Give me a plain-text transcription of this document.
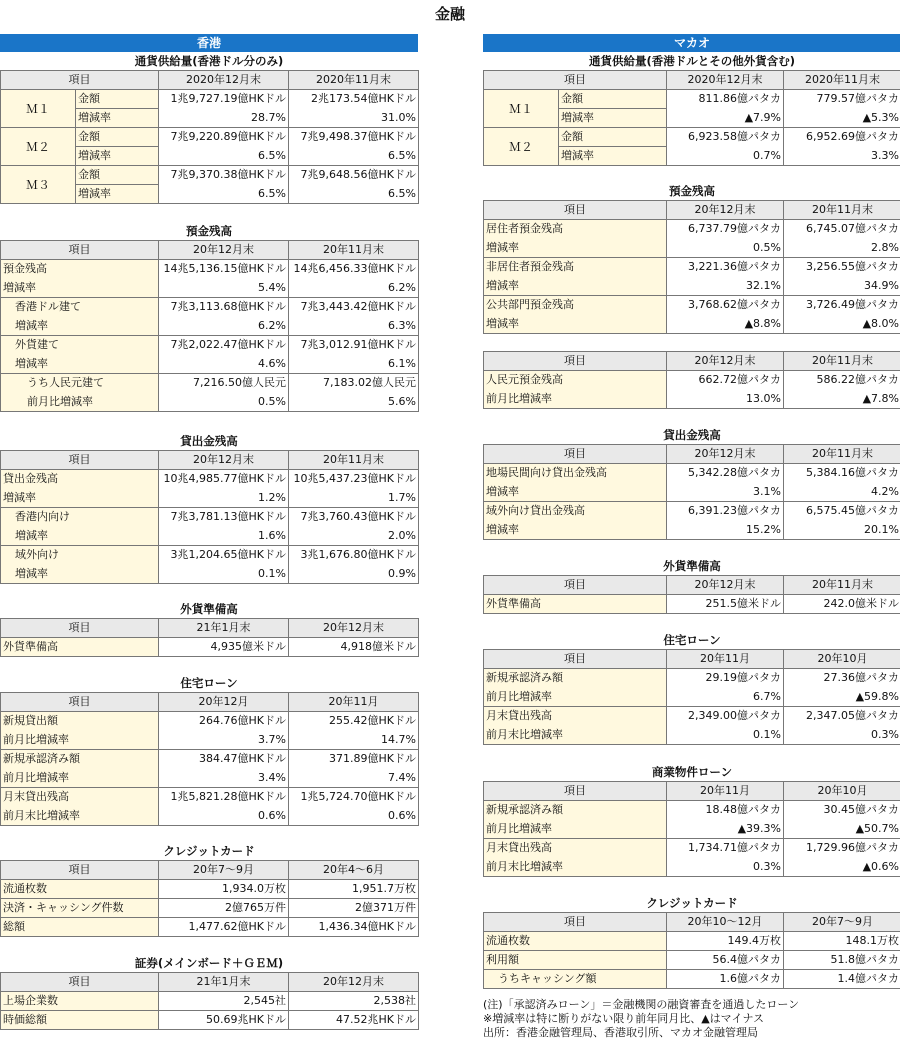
金融
香港
通貨供給量(香港ドル分のみ)
項目		2020年12月末	2020年11月末
Ｍ１	金額	1兆9,727.19億HKドル	2兆173.54億HKドル
	増減率	28.7%	31.0%
Ｍ２	金額	7兆9,220.89億HKドル	7兆9,498.37億HKドル
	増減率	6.5%	6.5%
Ｍ３	金額	7兆9,370.38億HKドル	7兆9,648.56億HKドル
	増減率	6.5%	6.5%
預金残高
項目	20年12月末	20年11月末
預金残高	14兆5,136.15億HKドル	14兆6,456.33億HKドル
増減率	5.4%	6.2%
香港ドル建て	7兆3,113.68億HKドル	7兆3,443.42億HKドル
増減率	6.2%	6.3%
外貨建て	7兆2,022.47億HKドル	7兆3,012.91億HKドル
増減率	4.6%	6.1%
うち人民元建て	7,216.50億人民元	7,183.02億人民元
前月比増減率	0.5%	5.6%
貸出金残高
項目	20年12月末	20年11月末
貸出金残高	10兆4,985.77億HKドル	10兆5,437.23億HKドル
増減率	1.2%	1.7%
香港内向け	7兆3,781.13億HKドル	7兆3,760.43億HKドル
増減率	1.6%	2.0%
域外向け	3兆1,204.65億HKドル	3兆1,676.80億HKドル
増減率	0.1%	0.9%
外貨準備高
項目	21年1月末	20年12月末
外貨準備高	4,935億米ドル	4,918億米ドル
住宅ローン
項目	20年12月	20年11月
新規貸出額	264.76億HKドル	255.42億HKドル
前月比増減率	3.7%	14.7%
新規承認済み額	384.47億HKドル	371.89億HKドル
前月比増減率	3.4%	7.4%
月末貸出残高	1兆5,821.28億HKドル	1兆5,724.70億HKドル
前月末比増減率	0.6%	0.6%
クレジットカード
項目	20年7～9月	20年4～6月
流通枚数	1,934.0万枚	1,951.7万枚
決済・キャッシング件数	2億765万件	2億371万件
総額	1,477.62億HKドル	1,436.34億HKドル
証券(メインボード＋ＧＥＭ)
項目	21年1月末	20年12月末
上場企業数	2,545社	2,538社
時価総額	50.69兆HKドル	47.52兆HKドル
マカオ
通貨供給量(香港ドルとその他外貨含む)
項目		2020年12月末	2020年11月末
Ｍ１	金額	811.86億パタカ	779.57億パタカ
	増減率	▲7.9%	▲5.3%
Ｍ２	金額	6,923.58億パタカ	6,952.69億パタカ
	増減率	0.7%	3.3%
預金残高
項目	20年12月末	20年11月末
居住者預金残高	6,737.79億パタカ	6,745.07億パタカ
増減率	0.5%	2.8%
非居住者預金残高	3,221.36億パタカ	3,256.55億パタカ
増減率	32.1%	34.9%
公共部門預金残高	3,768.62億パタカ	3,726.49億パタカ
増減率	▲8.8%	▲8.0%
項目	20年12月末	20年11月末
人民元預金残高	662.72億パタカ	586.22億パタカ
前月比増減率	13.0%	▲7.8%
貸出金残高
項目	20年12月末	20年11月末
地場民間向け貸出金残高	5,342.28億パタカ	5,384.16億パタカ
増減率	3.1%	4.2%
域外向け貸出金残高	6,391.23億パタカ	6,575.45億パタカ
増減率	15.2%	20.1%
外貨準備高
項目	20年12月末	20年11月末
外貨準備高	251.5億米ドル	242.0億米ドル
住宅ローン
項目	20年11月	20年10月
新規承認済み額	29.19億パタカ	27.36億パタカ
前月比増減率	6.7%	▲59.8%
月末貸出残高	2,349.00億パタカ	2,347.05億パタカ
前月末比増減率	0.1%	0.3%
商業物件ローン
項目	20年11月	20年10月
新規承認済み額	18.48億パタカ	30.45億パタカ
前月比増減率	▲39.3%	▲50.7%
月末貸出残高	1,734.71億パタカ	1,729.96億パタカ
前月末比増減率	0.3%	▲0.6%
クレジットカード
項目	20年10～12月	20年7～9月
流通枚数	149.4万枚	148.1万枚
利用額	56.4億パタカ	51.8億パタカ
うちキャッシング額	1.6億パタカ	1.4億パタカ
(注)「承認済みローン」＝金融機関の融資審査を通過したローン
※増減率は特に断りがない限り前年同月比、▲はマイナス
出所：香港金融管理局、香港取引所、マカオ金融管理局
